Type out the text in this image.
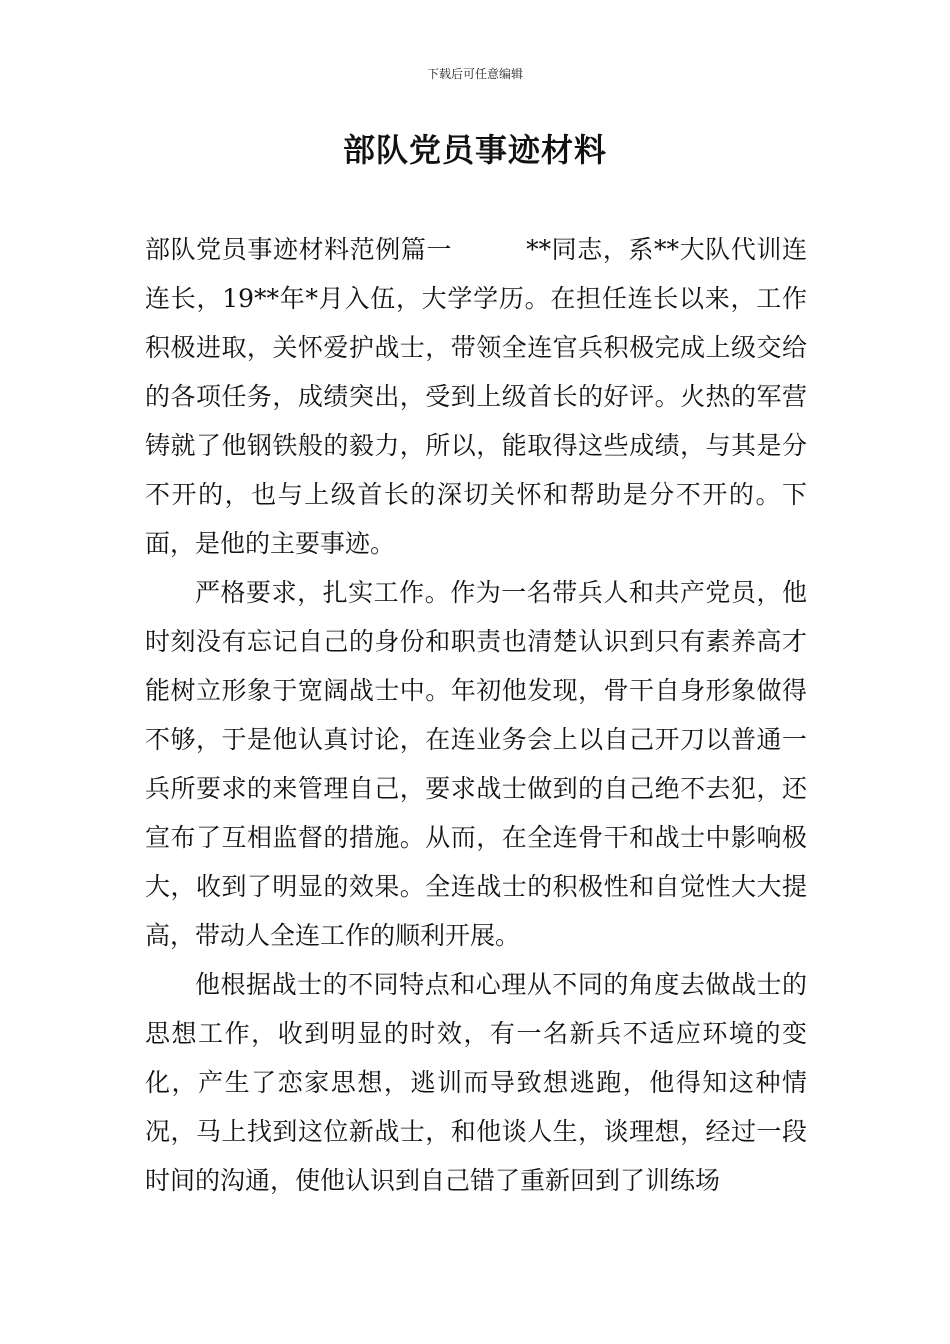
下载后可任意编辑
部队党员事迹材料

部队党员事迹材料范例篇一	**同志，系**大队代训连连长，19**年*月入伍，大学学历。在担任连长以来，工作积极进取，关怀爱护战士，带领全连官兵积极完成上级交给的各项任务，成绩突出，受到上级首长的好评。火热的军营铸就了他钢铁般的毅力，所以，能取得这些成绩，与其是分不开的，也与上级首长的深切关怀和帮助是分不开的。下面，是他的主要事迹。

严格要求，扎实工作。作为一名带兵人和共产党员，他时刻没有忘记自己的身份和职责也清楚认识到只有素养高才能树立形象于宽阔战士中。年初他发现，骨干自身形象做得不够，于是他认真讨论，在连业务会上以自己开刀以普通一兵所要求的来管理自己，要求战士做到的自己绝不去犯，还宣布了互相监督的措施。从而，在全连骨干和战士中影响极大，收到了明显的效果。全连战士的积极性和自觉性大大提高，带动人全连工作的顺利开展。

他根据战士的不同特点和心理从不同的角度去做战士的思想工作，收到明显的时效，有一名新兵不适应环境的变化，产生了恋家思想，逃训而导致想逃跑，他得知这种情况，马上找到这位新战士，和他谈人生，谈理想，经过一段时间的沟通，使他认识到自己错了重新回到了训练场
